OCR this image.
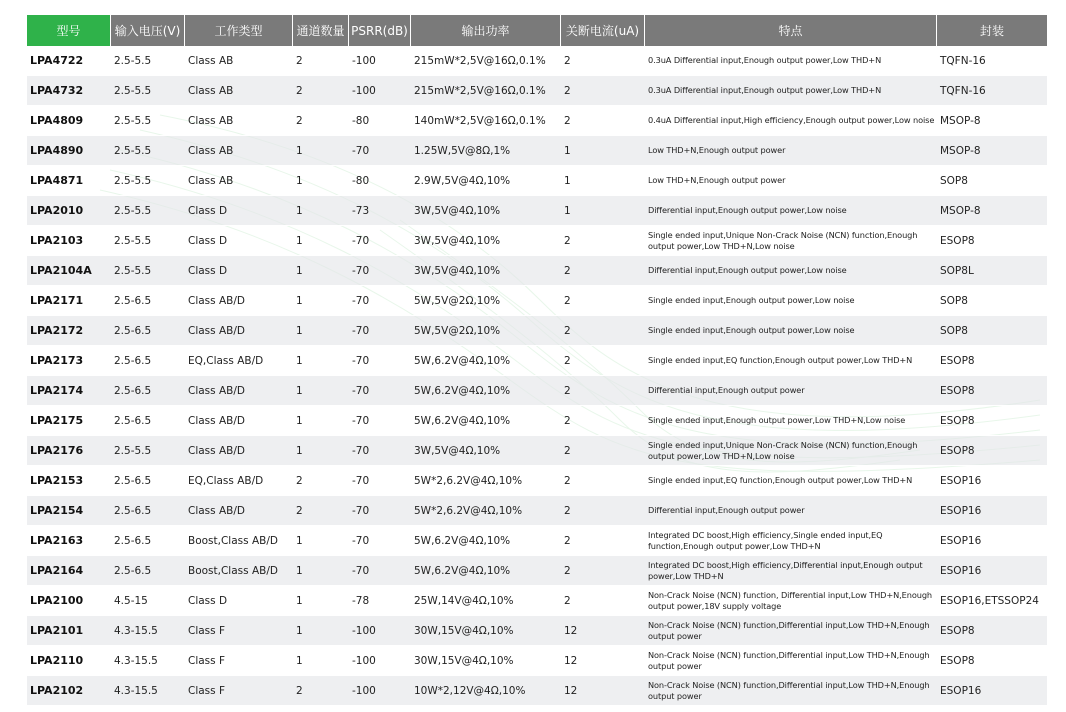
型号	输入电压(V)	工作类型	通道数量	PSRR(dB)	输出功率	关断电流(uA)	特点	封装
LPA4722	2.5-5.5	Class AB	2	-100	215mW*2,5V@16Ω,0.1%	2	0.3uA Differential input,Enough output power,Low THD+N	TQFN-16
LPA4732	2.5-5.5	Class AB	2	-100	215mW*2,5V@16Ω,0.1%	2	0.3uA Differential input,Enough output power,Low THD+N	TQFN-16
LPA4809	2.5-5.5	Class AB	2	-80	140mW*2,5V@16Ω,0.1%	2	0.4uA Differential input,High efficiency,Enough output power,Low noise	MSOP-8
LPA4890	2.5-5.5	Class AB	1	-70	1.25W,5V@8Ω,1%	1	Low THD+N,Enough output power	MSOP-8
LPA4871	2.5-5.5	Class AB	1	-80	2.9W,5V@4Ω,10%	1	Low THD+N,Enough output power	SOP8
LPA2010	2.5-5.5	Class D	1	-73	3W,5V@4Ω,10%	1	Differential input,Enough output power,Low noise	MSOP-8
LPA2103	2.5-5.5	Class D	1	-70	3W,5V@4Ω,10%	2	Single ended input,Unique Non-Crack Noise (NCN) function,Enough output power,Low THD+N,Low noise	ESOP8
LPA2104A	2.5-5.5	Class D	1	-70	3W,5V@4Ω,10%	2	Differential input,Enough output power,Low noise	SOP8L
LPA2171	2.5-6.5	Class AB/D	1	-70	5W,5V@2Ω,10%	2	Single ended input,Enough output power,Low noise	SOP8
LPA2172	2.5-6.5	Class AB/D	1	-70	5W,5V@2Ω,10%	2	Single ended input,Enough output power,Low noise	SOP8
LPA2173	2.5-6.5	EQ,Class AB/D	1	-70	5W,6.2V@4Ω,10%	2	Single ended input,EQ function,Enough output power,Low THD+N	ESOP8
LPA2174	2.5-6.5	Class AB/D	1	-70	5W,6.2V@4Ω,10%	2	Differential input,Enough output power	ESOP8
LPA2175	2.5-6.5	Class AB/D	1	-70	5W,6.2V@4Ω,10%	2	Single ended input,Enough output power,Low THD+N,Low noise	ESOP8
LPA2176	2.5-5.5	Class AB/D	1	-70	3W,5V@4Ω,10%	2	Single ended input,Unique Non-Crack Noise (NCN) function,Enough output power,Low THD+N,Low noise	ESOP8
LPA2153	2.5-6.5	EQ,Class AB/D	2	-70	5W*2,6.2V@4Ω,10%	2	Single ended input,EQ function,Enough output power,Low THD+N	ESOP16
LPA2154	2.5-6.5	Class AB/D	2	-70	5W*2,6.2V@4Ω,10%	2	Differential input,Enough output power	ESOP16
LPA2163	2.5-6.5	Boost,Class AB/D	1	-70	5W,6.2V@4Ω,10%	2	Integrated DC boost,High efficiency,Single ended input,EQ function,Enough output power,Low THD+N	ESOP16
LPA2164	2.5-6.5	Boost,Class AB/D	1	-70	5W,6.2V@4Ω,10%	2	Integrated DC boost,High efficiency,Differential input,Enough output power,Low THD+N	ESOP16
LPA2100	4.5-15	Class D	1	-78	25W,14V@4Ω,10%	2	Non-Crack Noise (NCN) function, Differential input,Low THD+N,Enough output power,18V supply voltage	ESOP16,ETSSOP24
LPA2101	4.3-15.5	Class F	1	-100	30W,15V@4Ω,10%	12	Non-Crack Noise (NCN) function,Differential input,Low THD+N,Enough output power	ESOP8
LPA2110	4.3-15.5	Class F	1	-100	30W,15V@4Ω,10%	12	Non-Crack Noise (NCN) function,Differential input,Low THD+N,Enough output power	ESOP8
LPA2102	4.3-15.5	Class F	2	-100	10W*2,12V@4Ω,10%	12	Non-Crack Noise (NCN) function,Differential input,Low THD+N,Enough output power	ESOP16
